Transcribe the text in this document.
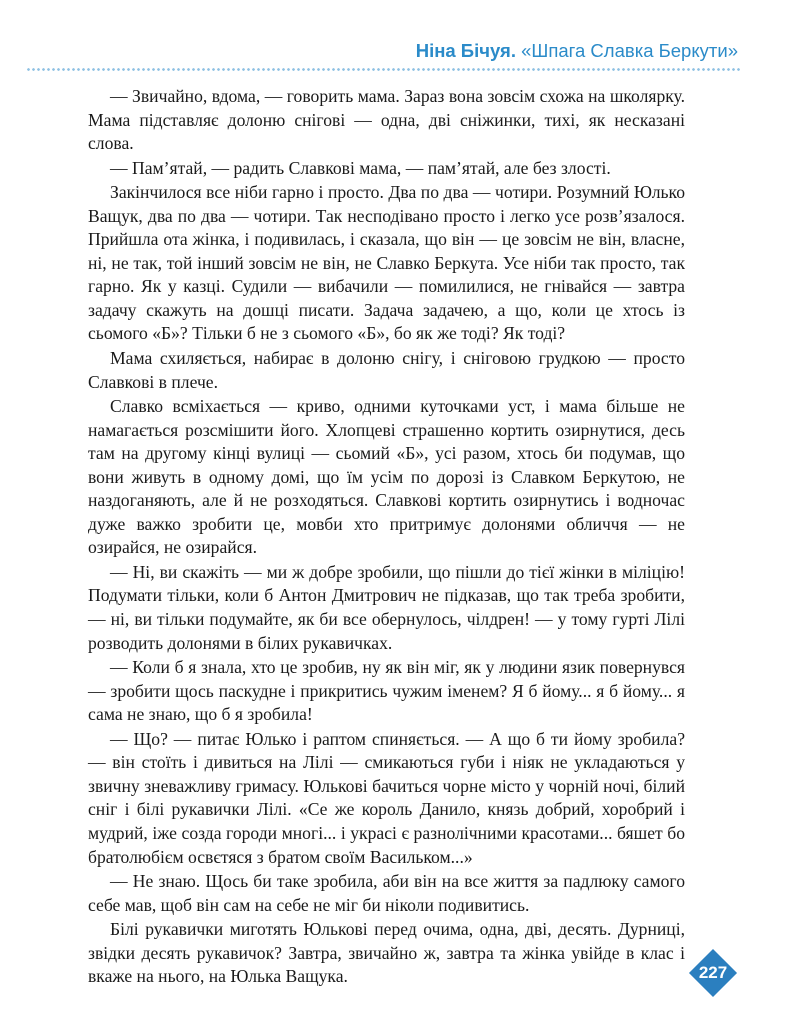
Ніна Бічуя. «Шпага Славка Беркути»

— Звичайно, вдома, — говорить мама. Зараз вона зовсім схожа на школярку. Мама підставляє долоню снігові — одна, дві сніжинки, тихі, як несказані слова.

— Пам’ятай, — радить Славкові мама, — пам’ятай, але без злості.

Закінчилося все ніби гарно і просто. Два по два — чотири. Розумний Юлько Ващук, два по два — чотири. Так несподівано просто і легко усе розв’язалося. Прийшла ота жінка, і подивилась, і сказала, що він — це зовсім не він, власне, ні, не так, той інший зовсім не він, не Славко Беркута. Усе ніби так просто, так гарно. Як у казці. Судили — вибачили — помилилися, не гнівайся — завтра задачу скажуть на дошці писати. Задача задачею, а що, коли це хтось із сьомого «Б»? Тільки б не з сьомого «Б», бо як же тоді? Як тоді?

Мама схиляється, набирає в долоню снігу, і сніговою грудкою — просто Славкові в плече.

Славко всміхається — криво, одними куточками уст, і мама більше не намагається розсмішити його. Хлопцеві страшенно кортить озирнутися, десь там на другому кінці вулиці — сьомий «Б», усі разом, хтось би подумав, що вони живуть в одному домі, що їм усім по дорозі із Славком Беркутою, не наздоганяють, але й не розходяться. Славкові кортить озирнутись і водночас дуже важко зробити це, мовби хто притримує долонями обличчя — не озирайся, не озирайся.

— Ні, ви скажіть — ми ж добре зробили, що пішли до тієї жінки в міліцію! Подумати тільки, коли б Антон Дмитрович не підказав, що так треба зробити, — ні, ви тільки подумайте, як би все обернулось, чілдрен! — у тому гурті Лілі розводить долонями в білих рукавичках.

— Коли б я знала, хто це зробив, ну як він міг, як у людини язик повернувся — зробити щось паскудне і прикритись чужим іменем? Я б йому... я б йому... я сама не знаю, що б я зробила!

— Що? — питає Юлько і раптом спиняється. — А що б ти йому зробила? — він стоїть і дивиться на Лілі — смикаються губи і ніяк не укладаються у звичну зневажливу гримасу. Юлькові бачиться чорне місто у чорній ночі, білий сніг і білі рукавички Лілі. «Се же король Данило, князь добрий, хоробрий і мудрий, іже созда городи многі... і украсі є разнолічними красотами... бяшет бо братолюбієм освєтяся з братом своїм Васильком...»

— Не знаю. Щось би таке зробила, аби він на все життя за падлюку самого себе мав, щоб він сам на себе не міг би ніколи подивитись.

Білі рукавички миготять Юлькові перед очима, одна, дві, десять. Дурниці, звідки десять рукавичок? Завтра, звичайно ж, завтра та жінка увійде в клас і вкаже на нього, на Юлька Ващука.	227
